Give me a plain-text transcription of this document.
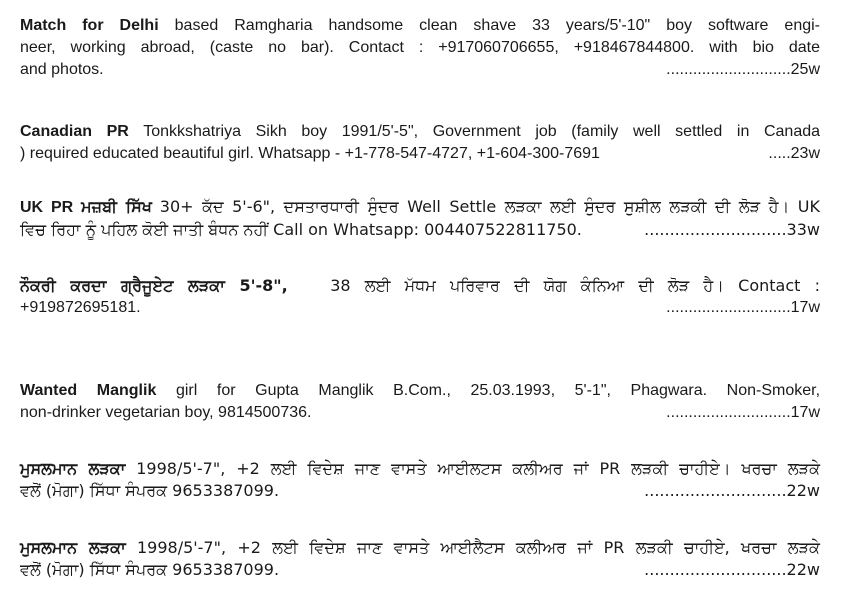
Match for Delhi based Ramgharia handsome clean shave 33 years/5'-10" boy software engi-

neer, working abroad, (caste no bar). Contact : +917060706655, +918467844800. with bio date

and photos.	............................25w

Canadian PR Tonkkshatriya Sikh boy 1991/5'-5", Government job (family well settled in Canada

) required educated beautiful girl. Whatsapp - +1-778-547-4727, +1-604-300-7691	.....23w

UK PR ਮਜ਼ਬੀ ਸਿੱਖ 30+ ਕੱਦ 5'-6", ਦਸਤਾਰਧਾਰੀ ਸੁੰਦਰ Well Settle ਲੜਕਾ ਲਈ ਸੁੰਦਰ ਸੁਸ਼ੀਲ ਲੜਕੀ ਦੀ ਲੋੜ ਹੈ। UK

ਵਿਚ ਰਿਹਾ ਨੂੰ ਪਹਿਲ ਕੋਈ ਜਾਤੀ ਬੰਧਨ ਨਹੀਂ Call on Whatsapp: 004407522811750.	............................33w

ਨੌਕਰੀ ਕਰਦਾ ਗ੍ਰੈਜੂਏਟ ਲੜਕਾ 5'-8",	38 ਲਈ ਮੱਧਮ ਪਰਿਵਾਰ ਦੀ ਯੋਗ ਕੰਨਿਆ ਦੀ ਲੋੜ ਹੈ। Contact :

+919872695181.	............................17w

Wanted Manglik girl for Gupta Manglik B.Com., 25.03.1993, 5'-1", Phagwara. Non-Smoker,

non-drinker vegetarian boy, 9814500736.	............................17w

ਮੁਸਲਮਾਨ ਲੜਕਾ 1998/5'-7", +2 ਲਈ ਵਿਦੇਸ਼ ਜਾਣ ਵਾਸਤੇ ਆਈਲਟਸ ਕਲੀਅਰ ਜਾਂ PR ਲੜਕੀ ਚਾਹੀਏ। ਖਰਚਾ ਲੜਕੇ

ਵਲੋਂ (ਮੋਗਾ) ਸਿੱਧਾ ਸੰਪਰਕ 9653387099.	............................22w

ਮੁਸਲਮਾਨ ਲੜਕਾ 1998/5'-7", +2 ਲਈ ਵਿਦੇਸ਼ ਜਾਣ ਵਾਸਤੇ ਆਈਲੈਟਸ ਕਲੀਅਰ ਜਾਂ PR ਲੜਕੀ ਚਾਹੀਏ, ਖਰਚਾ ਲੜਕੇ

ਵਲੋਂ (ਮੋਗਾ) ਸਿੱਧਾ ਸੰਪਰਕ 9653387099.	............................22w
